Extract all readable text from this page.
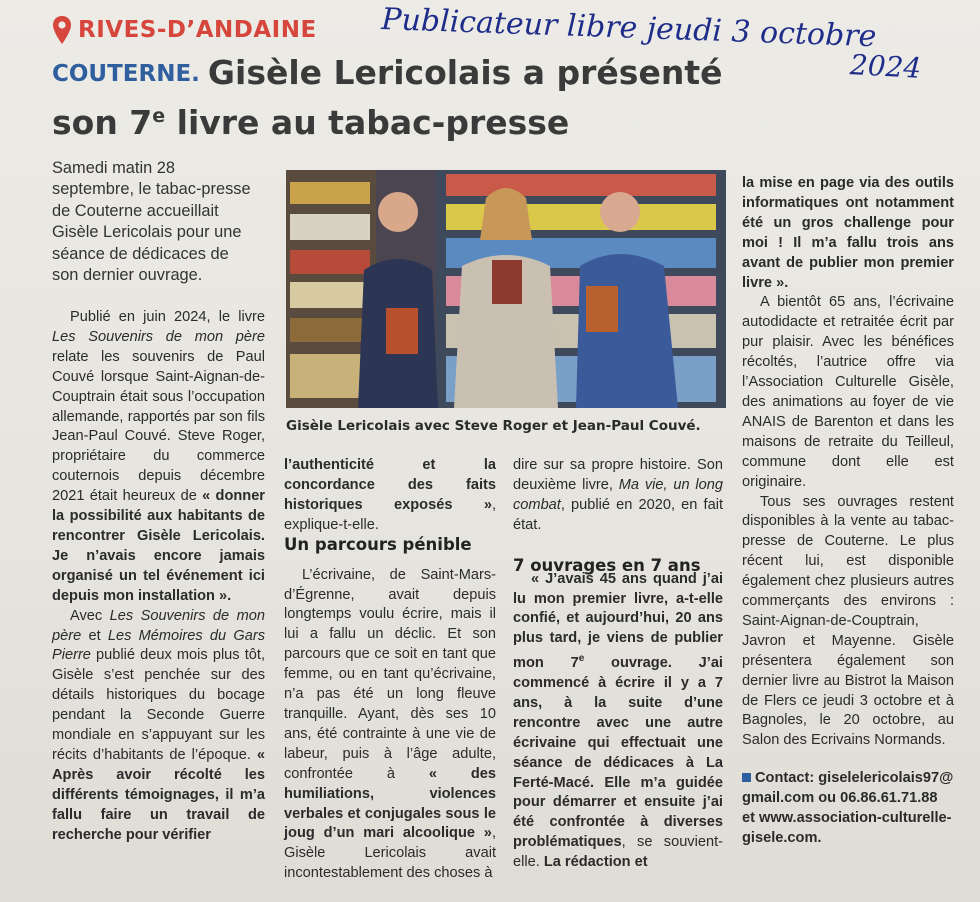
RIVES-D’ANDAINE Publicateur libre jeudi 3 octobre
2024
COUTERNE. Gisèle Lericolais a présenté
son 7e livre au tabac-presse

Samedi matin 28 septembre, le tabac-presse de Couterne accueillait Gisèle Lericolais pour une séance de dédicaces de son dernier ouvrage.

Publié en juin 2024, le livre Les Souvenirs de mon père relate les souvenirs de Paul Couvé lorsque Saint-Aignan-de-Couptrain était sous l’occupation allemande, rapportés par son fils Jean-Paul Couvé. Steve Roger, propriétaire du commerce couternois depuis décembre 2021 était heureux de « donner la possibilité aux habitants de rencontrer Gisèle Lericolais. Je n’avais encore jamais organisé un tel événement ici depuis mon installation ».

Avec Les Souvenirs de mon père et Les Mémoires du Gars Pierre publié deux mois plus tôt, Gisèle s’est penchée sur des détails historiques du bocage pendant la Seconde Guerre mondiale en s’appuyant sur les récits d’habitants de l’époque. « Après avoir récolté les différents témoignages, il m’a fallu faire un travail de recherche pour vérifier

Gisèle Lericolais avec Steve Roger et Jean-Paul Couvé.

l’authenticité et la concordance des faits historiques exposés », explique-t-elle.

L’écrivaine, de Saint-Mars-d’Égrenne, avait depuis longtemps voulu écrire, mais il lui a fallu un déclic. Et son parcours que ce soit en tant que femme, ou en tant qu’écrivaine, n’a pas été un long fleuve tranquille. Ayant, dès ses 10 ans, été contrainte à une vie de labeur, puis à l’âge adulte, confrontée à « des humiliations, violences verbales et conjugales sous le joug d’un mari alcoolique », Gisèle Lericolais avait incontestablement des choses à

Un parcours pénible

dire sur sa propre histoire. Son deuxième livre, Ma vie, un long combat, publié en 2020, en fait état.

« J’avais 45 ans quand j’ai lu mon premier livre, a-t-elle confié, et aujourd’hui, 20 ans plus tard, je viens de publier mon 7e ouvrage. J’ai commencé à écrire il y a 7 ans, à la suite d’une rencontre avec une autre écrivaine qui effectuait une séance de dédicaces à La Ferté-Macé. Elle m’a guidée pour démarrer et ensuite j’ai été confrontée à diverses problématiques, se souvient-elle. La rédaction et

7 ouvrages en 7 ans

la mise en page via des outils informatiques ont notamment été un gros challenge pour moi ! Il m’a fallu trois ans avant de publier mon premier livre ».

A bientôt 65 ans, l’écrivaine autodidacte et retraitée écrit par pur plaisir. Avec les bénéfices récoltés, l’autrice offre via l’Association Culturelle Gisèle, des animations au foyer de vie ANAIS de Barenton et dans les maisons de retraite du Teilleul, commune dont elle est originaire.

Tous ses ouvrages restent disponibles à la vente au tabac-presse de Couterne. Le plus récent lui, est disponible également chez plusieurs autres commerçants des environs : Saint-Aignan-de-Couptrain, Javron et Mayenne. Gisèle présentera également son dernier livre au Bistrot la Maison de Flers ce jeudi 3 octobre et à Bagnoles, le 20 octobre, au Salon des Ecrivains Normands.

Contact: giselelericolais97@ gmail.com ou 06.86.61.71.88 et www.association-culturelle-gisele.com.
